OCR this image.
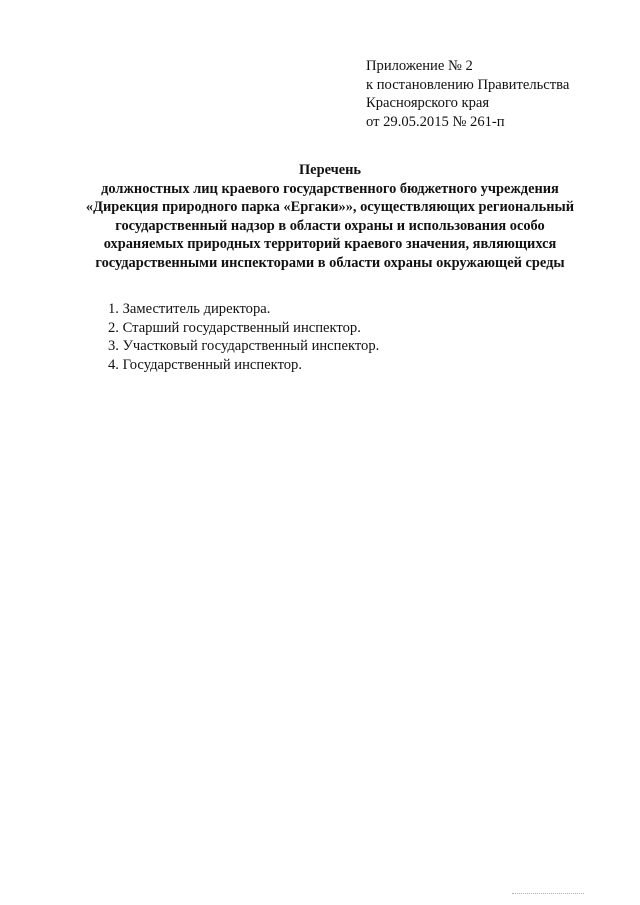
Приложение № 2
к постановлению Правительства
Красноярского края
от 29.05.2015 № 261-п
Перечень
должностных лиц краевого государственного бюджетного учреждения
«Дирекция природного парка «Ергаки»», осуществляющих региональный
государственный надзор в области охраны и использования особо
охраняемых природных территорий краевого значения, являющихся
государственными инспекторами в области охраны окружающей среды
1. Заместитель директора.
2. Старший государственный инспектор.
3. Участковый государственный инспектор.
4. Государственный инспектор.
